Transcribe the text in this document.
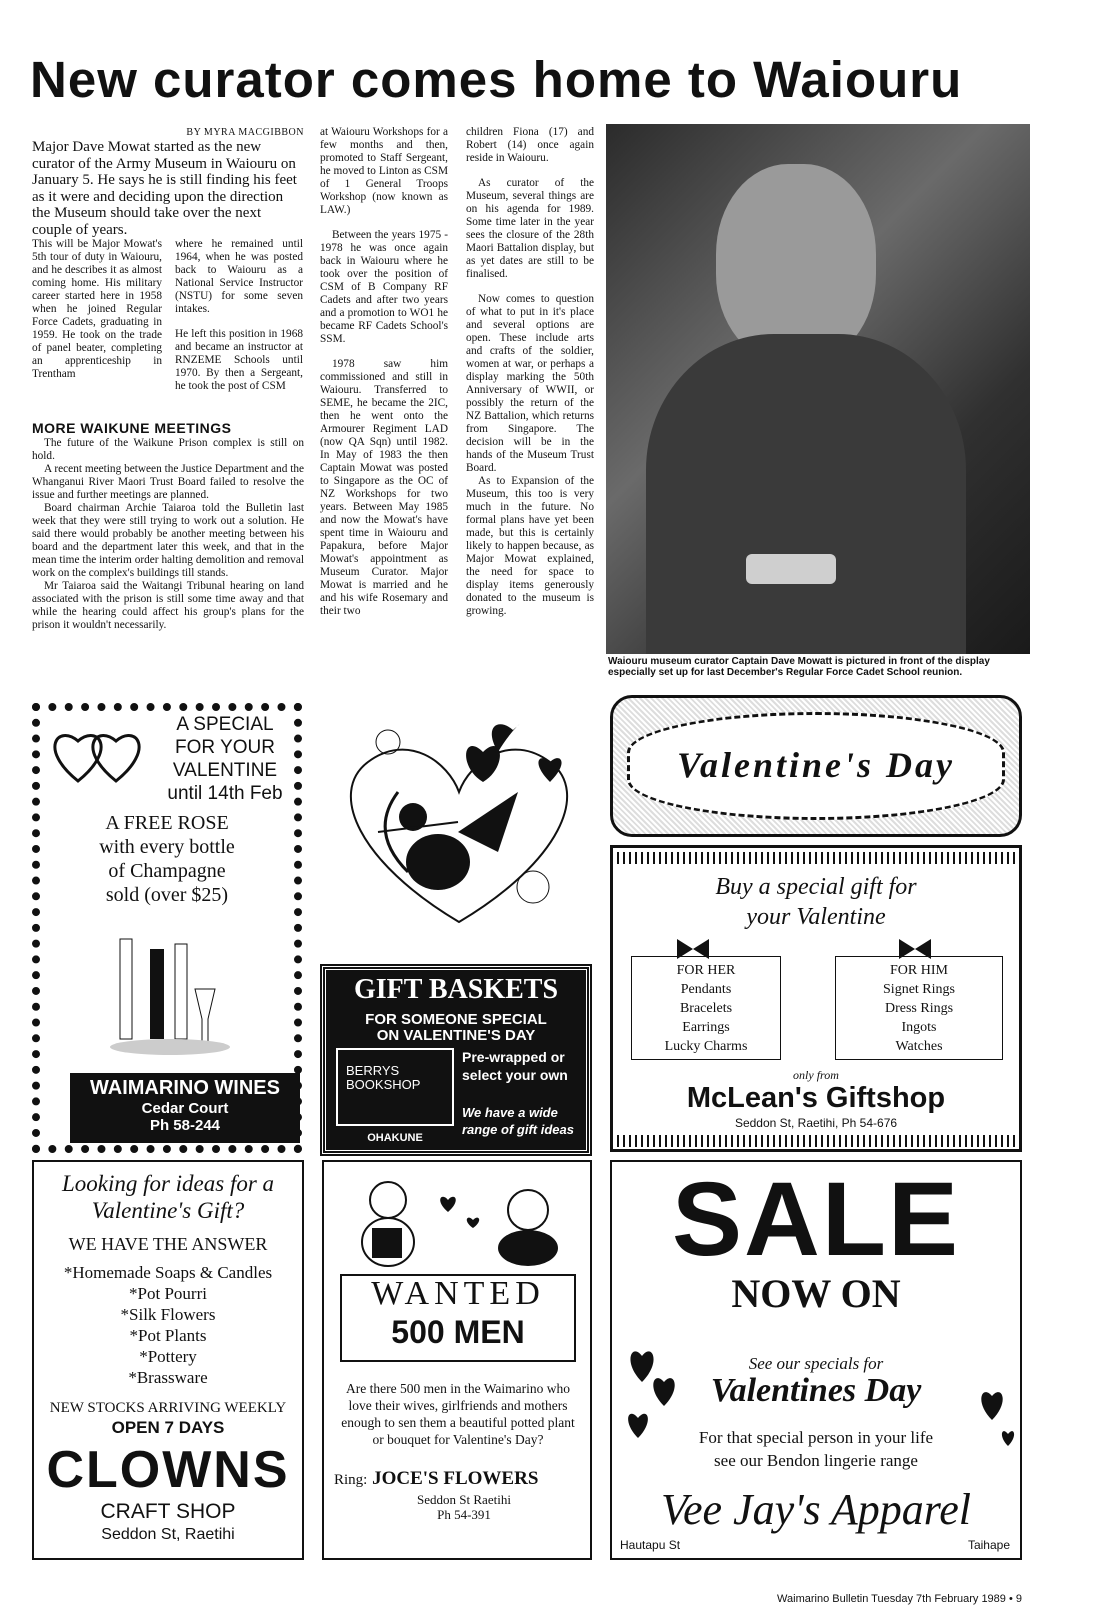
New curator comes home to Waiouru
BY MYRA MACGIBBON
Major Dave Mowat started as the new curator of the Army Museum in Waiouru on January 5. He says he is still finding his feet as it were and deciding upon the direction the Museum should take over the next couple of years.
This will be Major Mowat's 5th tour of duty in Waiouru, and he describes it as almost coming home. His military career started here in 1958 when he joined Regular Force Cadets, graduating in 1959. He took on the trade of panel beater, completing an apprenticeship in Trentham

where he remained until 1964, when he was posted back to Waiouru as a National Service Instructor (NSTU) for some seven intakes.

He left this position in 1968 and became an instructor at RNZEME Schools until 1970. By then a Sergeant, he took the post of CSM

MORE WAIKUNE MEETINGS
The future of the Waikune Prison complex is still on hold.
A recent meeting between the Justice Department and the Whanganui River Maori Trust Board failed to resolve the issue and further meetings are planned.
Board chairman Archie Taiaroa told the Bulletin last week that they were still trying to work out a solution. He said there would probably be another meeting between his board and the department later this week, and that in the mean time the interim order halting demolition and removal work on the complex's buildings till stands.
Mr Taiaroa said the Waitangi Tribunal hearing on land associated with the prison is still some time away and that while the hearing could affect his group's plans for the prison it wouldn't necessarily.

at Waiouru Workshops for a few months and then, promoted to Staff Sergeant, he moved to Linton as CSM of 1 General Troops Workshop (now known as LAW.)

Between the years 1975 - 1978 he was once again back in Waiouru where he took over the position of CSM of B Company RF Cadets and after two years and a promotion to WO1 he became RF Cadets School's SSM.

1978 saw him commissioned and still in Waiouru. Transferred to SEME, he became the 2IC, then he went onto the Armourer Regiment LAD (now QA Sqn) until 1982. In May of 1983 the then Captain Mowat was posted to Singapore as the OC of NZ Workshops for two years. Between May 1985 and now the Mowat's have spent time in Waiouru and Papakura, before Major Mowat's appointment as Museum Curator. Major Mowat is married and he and his wife Rosemary and their two

children Fiona (17) and Robert (14) once again reside in Waiouru.

As curator of the Museum, several things are on his agenda for 1989. Some time later in the year sees the closure of the 28th Maori Battalion display, but as yet dates are still to be finalised.

Now comes to question of what to put in it's place and several options are open. These include arts and crafts of the soldier, women at war, or perhaps a display marking the 50th Anniversary of WWII, or possibly the return of the NZ Battalion, which returns from Singapore. The decision will be in the hands of the Museum Trust Board.

As to Expansion of the Museum, this too is very much in the future. No formal plans have yet been made, but this is certainly likely to happen because, as Major Mowat explained, the need for space to display items generously donated to the museum is growing.

Waiouru museum curator Captain Dave Mowatt is pictured in front of the display especially set up for last December's Regular Force Cadet School reunion.
A SPECIAL
FOR YOUR
VALENTINE
until 14th Feb
A FREE ROSE
with every bottle
of Champagne
sold (over $25)
WAIMARINO WINES
Cedar Court
Ph 58-244
Valentine's Day
Buy a special gift for
your Valentine
FOR HER
Pendants
Bracelets
Earrings
Lucky Charms
FOR HIM
Signet Rings
Dress Rings
Ingots
Watches
only from
McLean's Giftshop
Seddon St, Raetihi, Ph 54-676
GIFT BASKETS
FOR SOMEONE SPECIAL
ON VALENTINE'S DAY
BERRYS
BOOKSHOP
Pre-wrapped or
select your own
We have a wide
range of gift ideas
OHAKUNE
Looking for ideas for a
Valentine's Gift?
WE HAVE THE ANSWER
*Homemade Soaps & Candles
*Pot Pourri
*Silk Flowers
*Pot Plants
*Pottery
*Brassware
NEW STOCKS ARRIVING WEEKLY
OPEN 7 DAYS
CLOWNS
CRAFT SHOP
Seddon St, Raetihi
WANTED
500 MEN
Are there 500 men in the Waimarino who love their wives, girlfriends and mothers enough to sen them a beautiful potted plant or bouquet for Valentine's Day?
Ring: JOCE'S FLOWERS
Seddon St Raetihi
Ph 54-391
SALE
NOW ON
See our specials for
Valentines Day
For that special person in your life
see our Bendon lingerie range
Vee Jay's Apparel
Hautapu St	Taihape
Waimarino Bulletin Tuesday 7th February 1989 • 9
